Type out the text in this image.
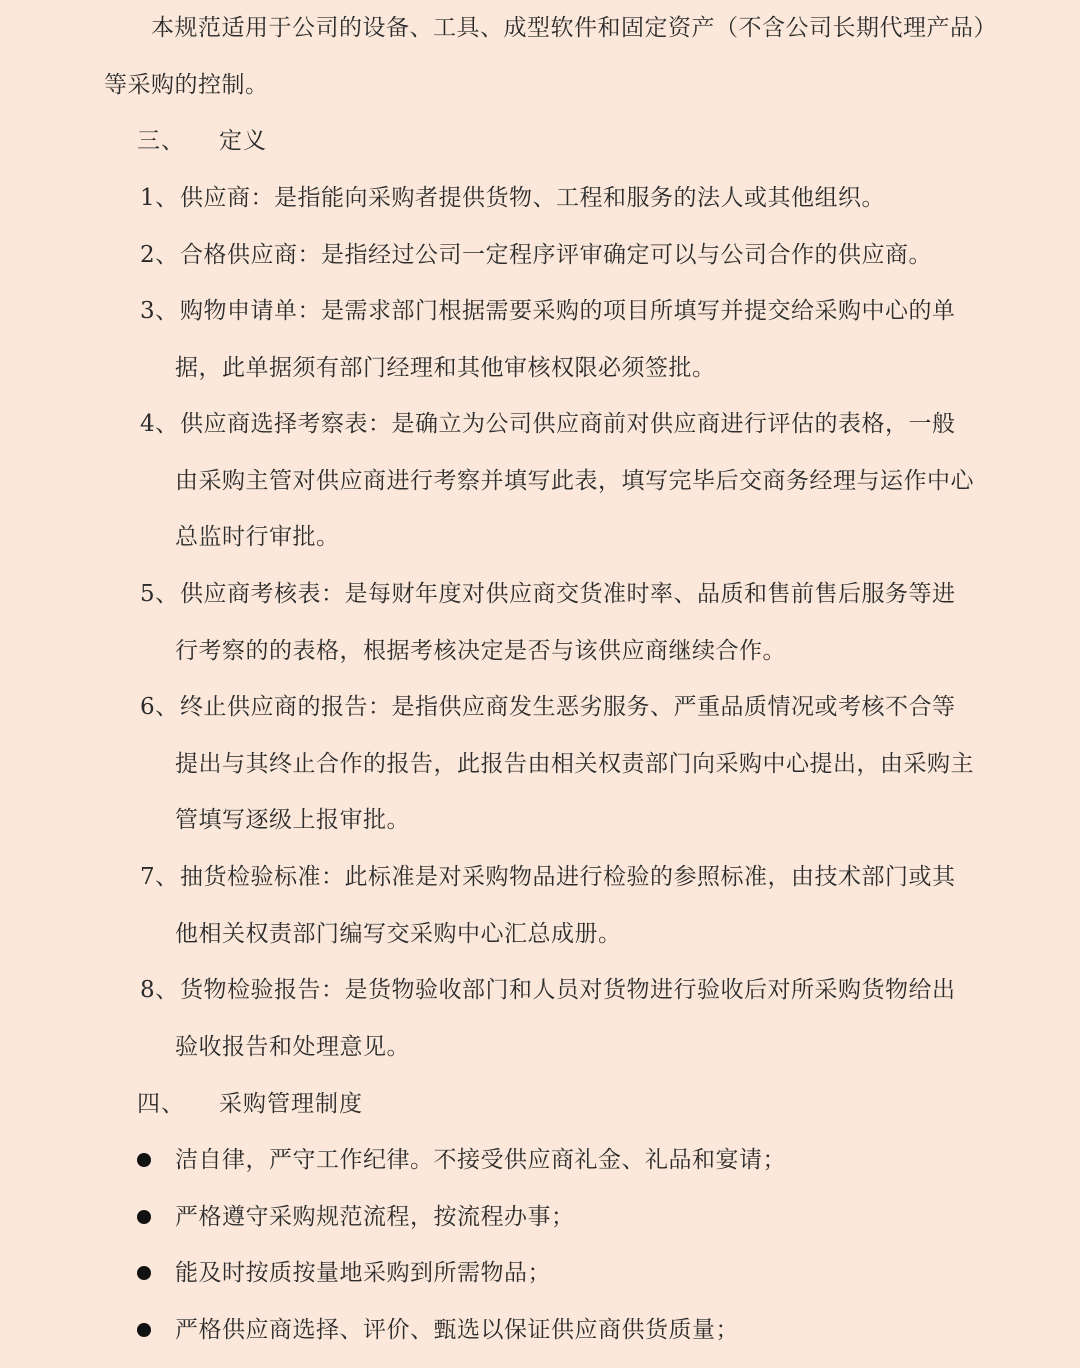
本规范适用于公司的设备、工具、成型软件和固定资产（不含公司长期代理产品）
等采购的控制。
三、 定义
1、供应商：是指能向采购者提供货物、工程和服务的法人或其他组织。
2、合格供应商：是指经过公司一定程序评审确定可以与公司合作的供应商。
3、购物申请单：是需求部门根据需要采购的项目所填写并提交给采购中心的单
据，此单据须有部门经理和其他审核权限必须签批。
4、供应商选择考察表：是确立为公司供应商前对供应商进行评估的表格，一般
由采购主管对供应商进行考察并填写此表，填写完毕后交商务经理与运作中心
总监时行审批。
5、供应商考核表：是每财年度对供应商交货准时率、品质和售前售后服务等进
行考察的的表格，根据考核决定是否与该供应商继续合作。
6、终止供应商的报告：是指供应商发生恶劣服务、严重品质情况或考核不合等
提出与其终止合作的报告，此报告由相关权责部门向采购中心提出，由采购主
管填写逐级上报审批。
7、抽货检验标准：此标准是对采购物品进行检验的参照标准，由技术部门或其
他相关权责部门编写交采购中心汇总成册。
8、货物检验报告：是货物验收部门和人员对货物进行验收后对所采购货物给出
验收报告和处理意见。
四、 采购管理制度
洁自律，严守工作纪律。不接受供应商礼金、礼品和宴请；
严格遵守采购规范流程，按流程办事；
能及时按质按量地采购到所需物品；
严格供应商选择、评价、甄选以保证供应商供货质量；
